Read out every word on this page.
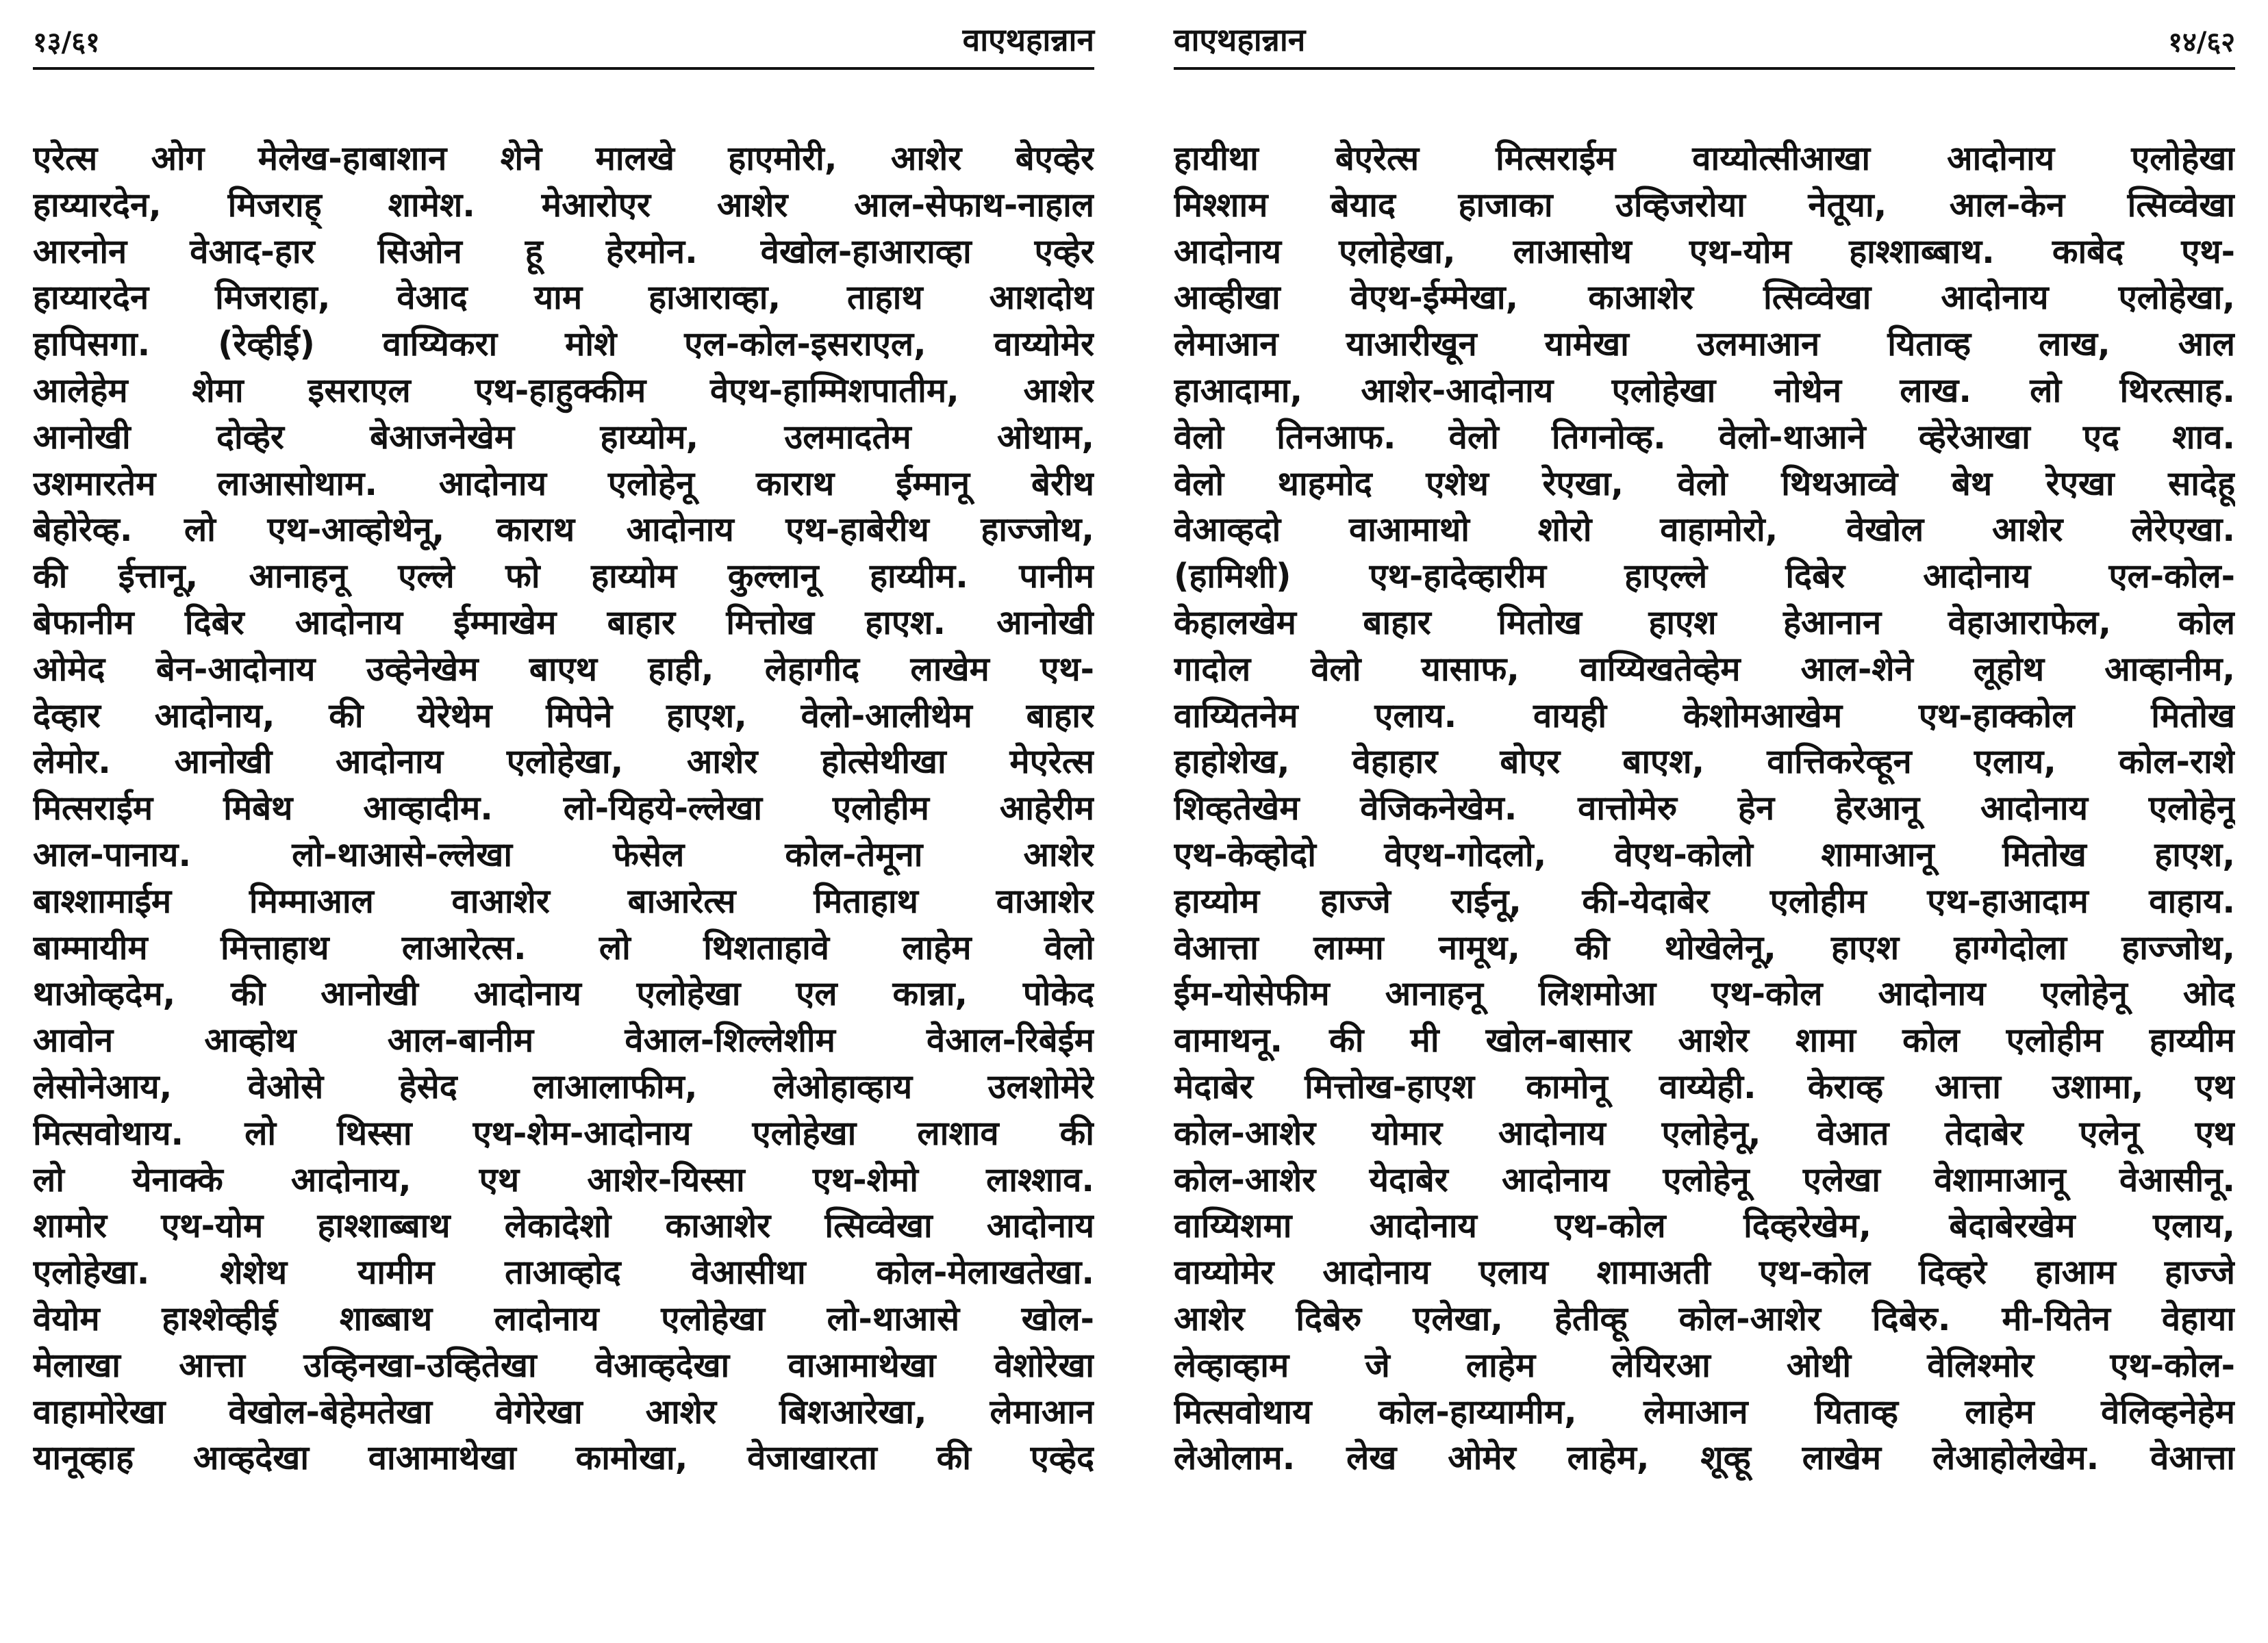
१३/६१	वाएथहान्नान
एरेत्स ओग मेलेख-हाबाशान शेने मालखे हाएमोरी, आशेर बेएव्हेर
हाय्यारदेन, मिजराह् शामेश. मेआरोएर आशेर आल-सेफाथ-नाहाल
आरनोन वेआद-हार सिओन हू हेरमोन. वेखोल-हाआराव्हा एव्हेर
हाय्यारदेन मिजराहा, वेआद याम हाआराव्हा, ताहाथ आशदोथ
हापिसगा. (रेव्हीई) वाय्यिकरा मोशे एल-कोल-इसराएल, वाय्योमेर
आलेहेम शेमा इसराएल एथ-हाहुक्कीम वेएथ-हाम्मिशपातीम, आशेर
आनोखी दोव्हेर बेआजनेखेम हाय्योम, उलमादतेम ओथाम,
उशमारतेम लाआसोथाम. आदोनाय एलोहेनू काराथ ईम्मानू बेरीथ
बेहोरेव्ह. लो एथ-आव्होथेनू, काराथ आदोनाय एथ-हाबेरीथ हाज्जोथ,
की ईत्तानू, आनाहनू एल्ले फो हाय्योम कुल्लानू हाय्यीम. पानीम
बेफानीम दिबेर आदोनाय ईम्माखेम बाहार मित्तोख हाएश. आनोखी
ओमेद बेन-आदोनाय उव्हेनेखेम बाएथ हाही, लेहागीद लाखेम एथ-
देव्हार आदोनाय, की येरेथेम मिपेने हाएश, वेलो-आलीथेम बाहार
लेमोर. आनोखी आदोनाय एलोहेखा, आशेर होत्सेथीखा मेएरेत्स
मित्सराईम मिबेथ आव्हादीम. लो-यिहये-ल्लेखा एलोहीम आहेरीम
आल-पानाय. लो-थाआसे-ल्लेखा फेसेल कोल-तेमूना आशेर
बाश्शामाईम मिम्माआल वाआशेर बाआरेत्स मिताहाथ वाआशेर
बाम्मायीम मित्ताहाथ लाआरेत्स. लो थिशताहावे लाहेम वेलो
थाओव्हदेम, की आनोखी आदोनाय एलोहेखा एल कान्ना, पोकेद
आवोन आव्होथ आल-बानीम वेआल-शिल्लेशीम वेआल-रिबेईम
लेसोनेआय, वेओसे हेसेद लाआलाफीम, लेओहाव्हाय उलशोमेरे
मित्सवोथाय. लो थिस्सा एथ-शेम-आदोनाय एलोहेखा लाशाव की
लो येनाक्के आदोनाय, एथ आशेर-यिस्सा एथ-शेमो लाश्शाव.
शामोर एथ-योम हाश्शाब्बाथ लेकादेशो काआशेर त्सिव्वेखा आदोनाय
एलोहेखा. शेशेथ यामीम ताआव्होद वेआसीथा कोल-मेलाखतेखा.
वेयोम हाश्शेव्हीई शाब्बाथ लादोनाय एलोहेखा लो-थाआसे खोल-
मेलाखा आत्ता उव्हिनखा-उव्हितेखा वेआव्हदेखा वाआमाथेखा वेशोरेखा
वाहामोरेखा वेखोल-बेहेमतेखा वेगेरेखा आशेर बिशआरेखा, लेमाआन
यानूव्हाह आव्हदेखा वाआमाथेखा कामोखा, वेजाखारता की एव्हेद
वाएथहान्नान	१४/६२
हायीथा बेएरेत्स मित्सराईम वाय्योत्सीआखा आदोनाय एलोहेखा
मिश्शाम बेयाद हाजाका उव्हिजरोया नेतूया, आल-केन त्सिव्वेखा
आदोनाय एलोहेखा, लाआसोथ एथ-योम हाश्शाब्बाथ. काबेद एथ-
आव्हीखा वेएथ-ईम्मेखा, काआशेर त्सिव्वेखा आदोनाय एलोहेखा,
लेमाआन याआरीखून यामेखा उलमाआन यिताव्ह लाख, आल
हाआदामा, आशेर-आदोनाय एलोहेखा नोथेन लाख. लो थिरत्साह.
वेलो तिनआफ. वेलो तिगनोव्ह. वेलो-थाआने व्हेरेआखा एद शाव.
वेलो थाहमोद एशेथ रेएखा, वेलो थिथआव्वे बेथ रेएखा सादेहू
वेआव्हदो वाआमाथो शोरो वाहामोरो, वेखोल आशेर लेरेएखा.
(हामिशी) एथ-हादेव्हारीम हाएल्ले दिबेर आदोनाय एल-कोल-
केहालखेम बाहार मितोख हाएश हेआनान वेहाआराफेल, कोल
गादोल वेलो यासाफ, वाय्यिखतेव्हेम आल-शेने लूहोथ आव्हानीम,
वाय्यितनेम एलाय. वायही केशोमआखेम एथ-हाक्कोल मितोख
हाहोशेख, वेहाहार बोएर बाएश, वात्तिकरेव्हून एलाय, कोल-राशे
शिव्हतेखेम वेजिकनेखेम. वात्तोमेरु हेन हेरआनू आदोनाय एलोहेनू
एथ-केव्होदो वेएथ-गोदलो, वेएथ-कोलो शामाआनू मितोख हाएश,
हाय्योम हाज्जे राईनू, की-येदाबेर एलोहीम एथ-हाआदाम वाहाय.
वेआत्ता लाम्मा नामूथ, की थोखेलेनू, हाएश हाग्गेदोला हाज्जोथ,
ईम-योसेफीम आनाहनू लिशमोआ एथ-कोल आदोनाय एलोहेनू ओद
वामाथनू. की मी खोल-बासार आशेर शामा कोल एलोहीम हाय्यीम
मेदाबेर मित्तोख-हाएश कामोनू वाय्येही. केराव्ह आत्ता उशामा, एथ
कोल-आशेर योमार आदोनाय एलोहेनू, वेआत तेदाबेर एलेनू एथ
कोल-आशेर येदाबेर आदोनाय एलोहेनू एलेखा वेशामाआनू वेआसीनू.
वाय्यिशमा आदोनाय एथ-कोल दिव्हरेखेम, बेदाबेरखेम एलाय,
वाय्योमेर आदोनाय एलाय शामाअती एथ-कोल दिव्हरे हाआम हाज्जे
आशेर दिबेरु एलेखा, हेतीव्हू कोल-आशेर दिबेरु. मी-यितेन वेहाया
लेव्हाव्हाम जे लाहेम लेयिरआ ओथी वेलिश्मोर एथ-कोल-
मित्सवोथाय कोल-हाय्यामीम, लेमाआन यिताव्ह लाहेम वेलिव्हनेहेम
लेओलाम. लेख ओमेर लाहेम, शूव्हू लाखेम लेआहोलेखेम. वेआत्ता
